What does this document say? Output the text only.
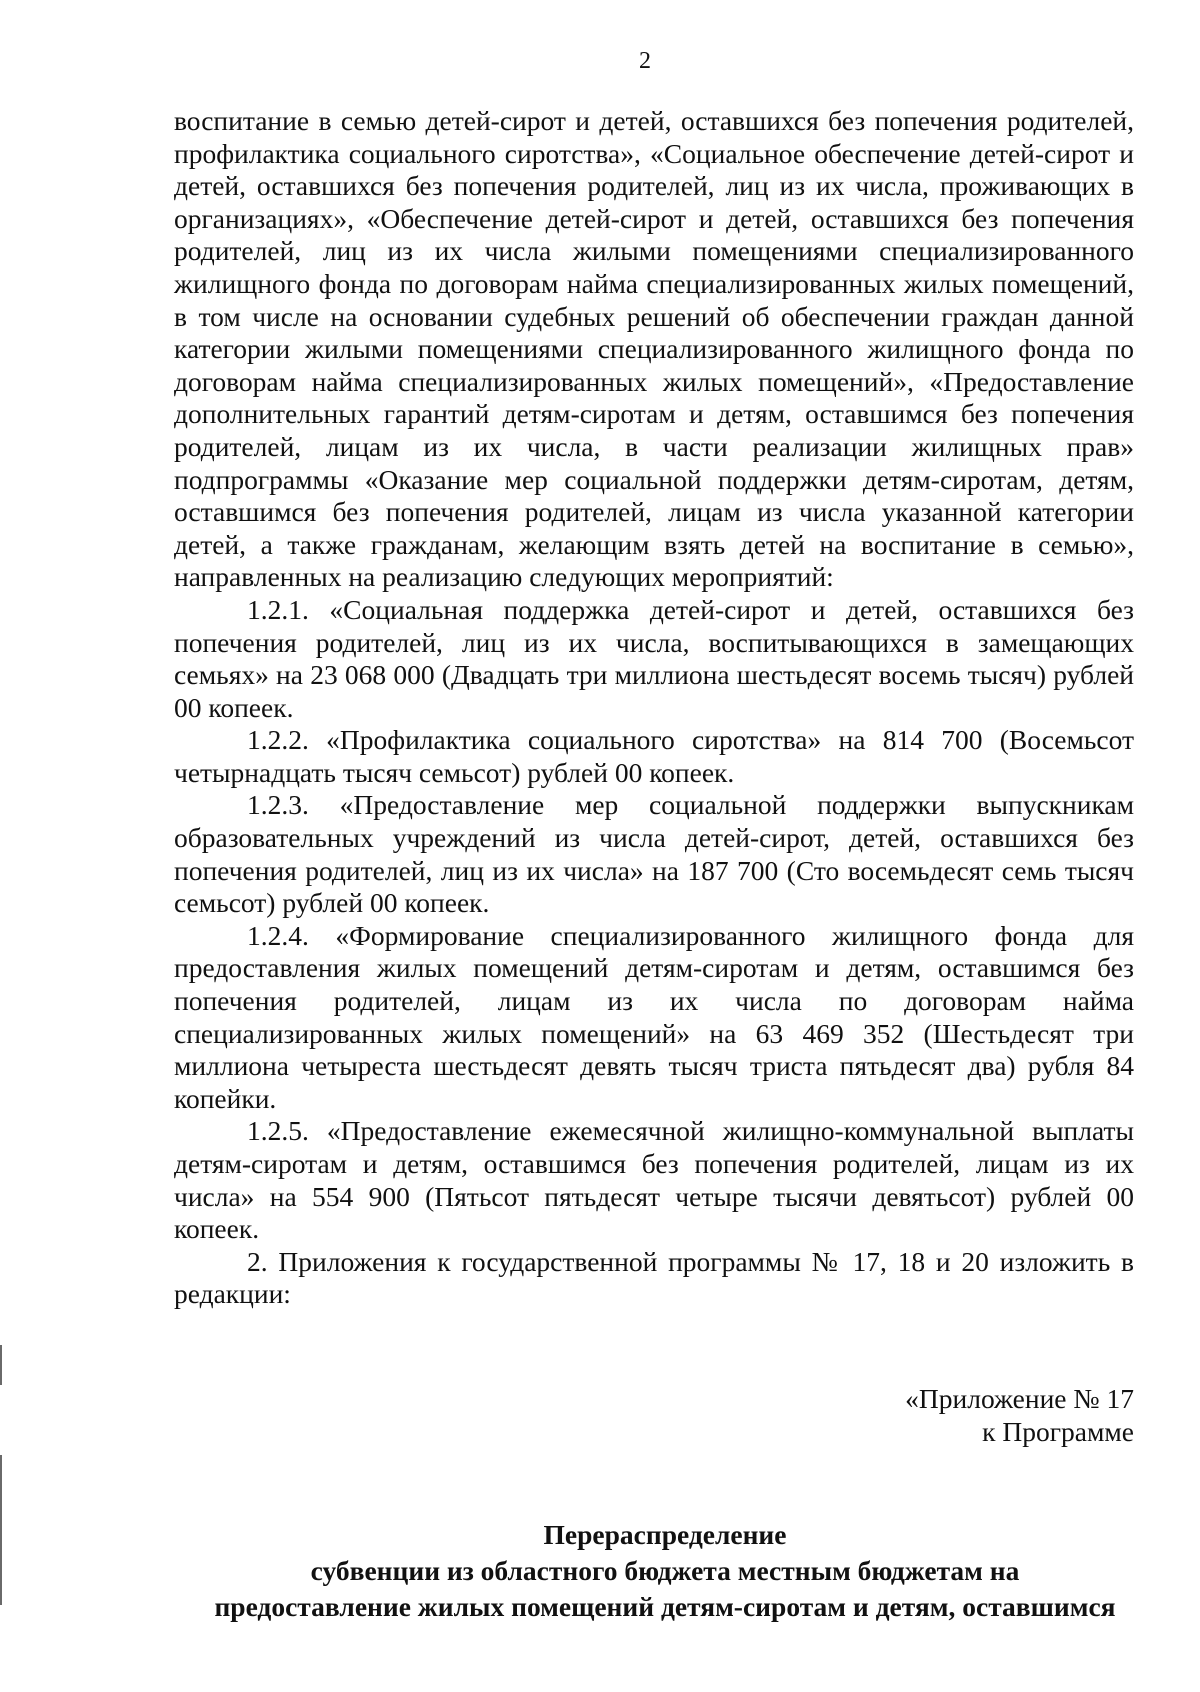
2

воспитание в семью детей-сирот и детей, оставшихся без попечения родителей, профилактика социального сиротства», «Социальное обеспечение детей-сирот и детей, оставшихся без попечения родителей, лиц из их числа, проживающих в организациях», «Обеспечение детей-сирот и детей, оставшихся без попечения родителей, лиц из их числа жилыми помещениями специализированного жилищного фонда по договорам найма специализированных жилых помещений, в том числе на основании судебных решений об обеспечении граждан данной категории жилыми помещениями специализированного жилищного фонда по договорам найма специализированных жилых помещений», «Предоставление дополнительных гарантий детям-сиротам и детям, оставшимся без попечения родителей, лицам из их числа, в части реализации жилищных прав» подпрограммы «Оказание мер социальной поддержки детям-сиротам, детям, оставшимся без попечения родителей, лицам из числа указанной категории детей, а также гражданам, желающим взять детей на воспитание в семью», направленных на реализацию следующих мероприятий:

1.2.1. «Социальная поддержка детей-сирот и детей, оставшихся без попечения родителей, лиц из их числа, воспитывающихся в замещающих семьях» на 23 068 000 (Двадцать три миллиона шестьдесят восемь тысяч) рублей 00 копеек.

1.2.2. «Профилактика социального сиротства» на 814 700 (Восемьсот четырнадцать тысяч семьсот) рублей 00 копеек.

1.2.3. «Предоставление мер социальной поддержки выпускникам образовательных учреждений из числа детей-сирот, детей, оставшихся без попечения родителей, лиц из их числа» на 187 700 (Сто восемьдесят семь тысяч семьсот) рублей 00 копеек.

1.2.4. «Формирование специализированного жилищного фонда для предоставления жилых помещений детям-сиротам и детям, оставшимся без попечения родителей, лицам из их числа по договорам найма специализированных жилых помещений» на 63 469 352 (Шестьдесят три миллиона четыреста шестьдесят девять тысяч триста пятьдесят два) рубля 84 копейки.

1.2.5. «Предоставление ежемесячной жилищно-коммунальной выплаты детям-сиротам и детям, оставшимся без попечения родителей, лицам из их числа» на 554 900 (Пятьсот пятьдесят четыре тысячи девятьсот) рублей 00 копеек.

2. Приложения к государственной программы № 17, 18 и 20 изложить в редакции:

«Приложение № 17
к Программе
Перераспределение
субвенции из областного бюджета местным бюджетам на
предоставление жилых помещений детям-сиротам и детям, оставшимся
